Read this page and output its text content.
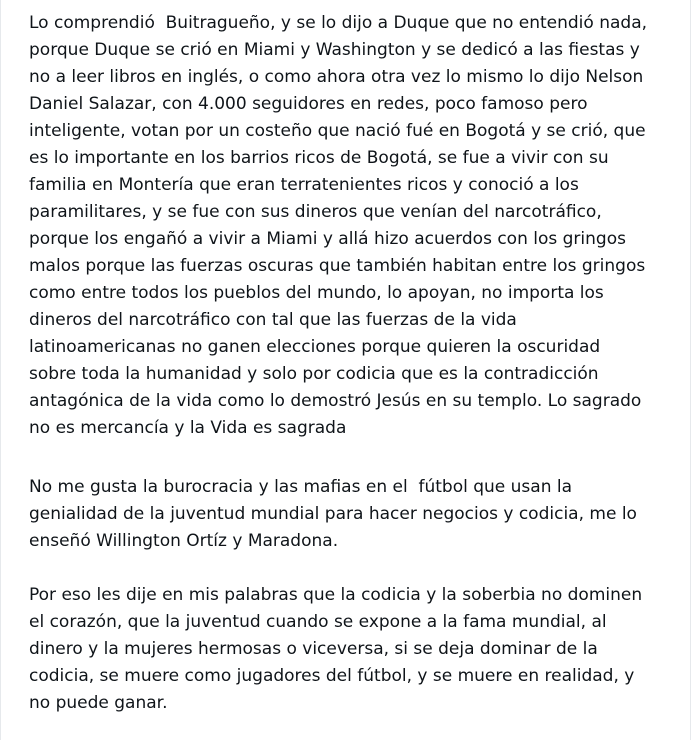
Lo comprendió  Buitragueño, y se lo dijo a Duque que no entendió nada,
porque Duque se crió en Miami y Washington y se dedicó a las fiestas y
no a leer libros en inglés, o como ahora otra vez lo mismo lo dijo Nelson
Daniel Salazar, con 4.000 seguidores en redes, poco famoso pero
inteligente, votan por un costeño que nació fué en Bogotá y se crió, que
es lo importante en los barrios ricos de Bogotá, se fue a vivir con su
familia en Montería que eran terratenientes ricos y conoció a los
paramilitares, y se fue con sus dineros que venían del narcotráfico,
porque los engañó a vivir a Miami y allá hizo acuerdos con los gringos
malos porque las fuerzas oscuras que también habitan entre los gringos
como entre todos los pueblos del mundo, lo apoyan, no importa los
dineros del narcotráfico con tal que las fuerzas de la vida
latinoamericanas no ganen elecciones porque quieren la oscuridad
sobre toda la humanidad y solo por codicia que es la contradicción
antagónica de la vida como lo demostró Jesús en su templo. Lo sagrado
no es mercancía y la Vida es sagrada

No me gusta la burocracia y las mafias en el  fútbol que usan la
genialidad de la juventud mundial para hacer negocios y codicia, me lo
enseñó Willington Ortíz y Maradona.

Por eso les dije en mis palabras que la codicia y la soberbia no dominen
el corazón, que la juventud cuando se expone a la fama mundial, al
dinero y la mujeres hermosas o viceversa, si se deja dominar de la
codicia, se muere como jugadores del fútbol, y se muere en realidad, y
no puede ganar.
